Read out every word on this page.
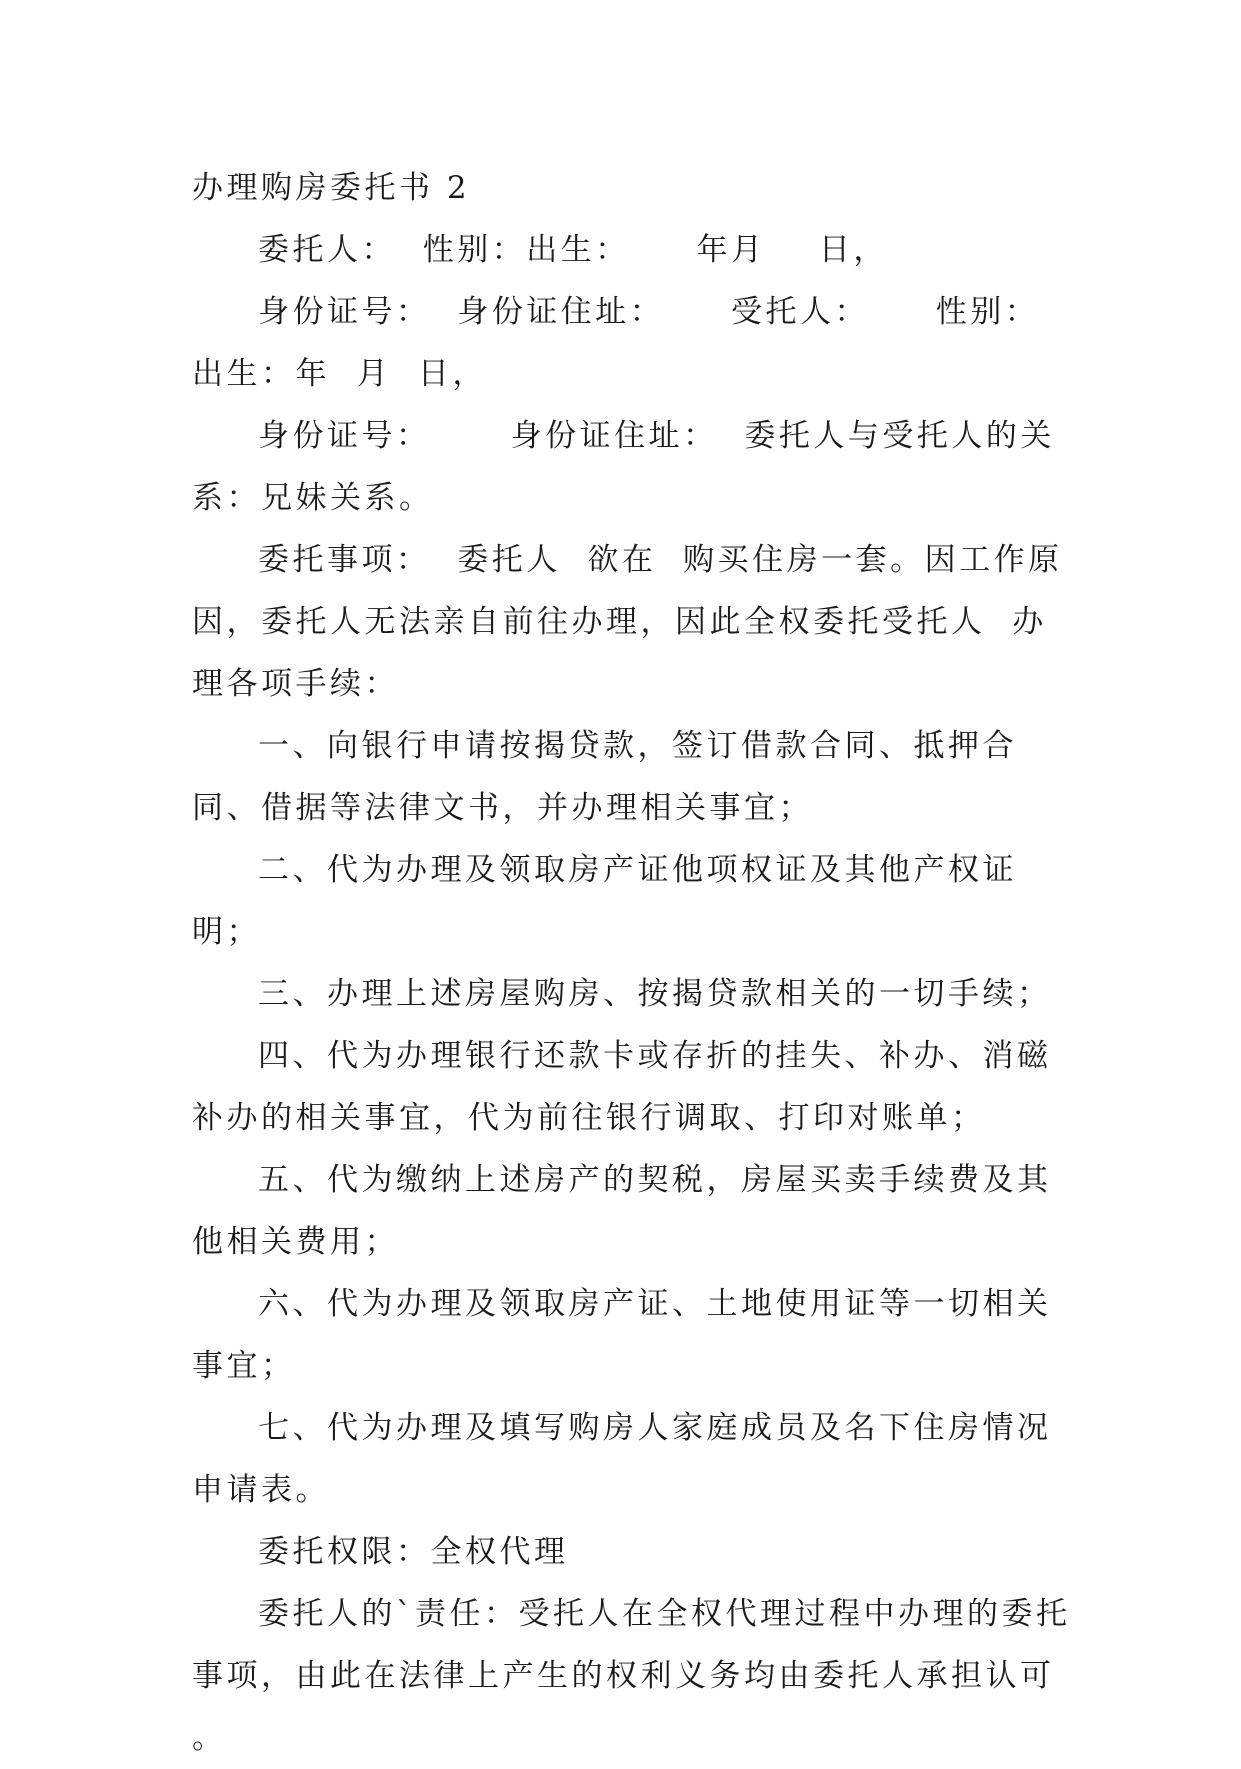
办理购房委托书 2

委托人：  性别：出生：     年月    日，

身份证号：  身份证住址：     受托人：     性别：出生：年  月  日，

身份证号：      身份证住址：  委托人与受托人的关系：兄妹关系。

委托事项：  委托人  欲在  购买住房一套。因工作原因，委托人无法亲自前往办理，因此全权委托受托人  办理各项手续：

一、向银行申请按揭贷款，签订借款合同、抵押合同、借据等法律文书，并办理相关事宜；

二、代为办理及领取房产证他项权证及其他产权证明；

三、办理上述房屋购房、按揭贷款相关的一切手续；

四、代为办理银行还款卡或存折的挂失、补办、消磁补办的相关事宜，代为前往银行调取、打印对账单；

五、代为缴纳上述房产的契税，房屋买卖手续费及其他相关费用；

六、代为办理及领取房产证、土地使用证等一切相关事宜；

七、代为办理及填写购房人家庭成员及名下住房情况申请表。

委托权限：全权代理

委托人的`责任：受托人在全权代理过程中办理的委托事项，由此在法律上产生的权利义务均由委托人承担认可  。
